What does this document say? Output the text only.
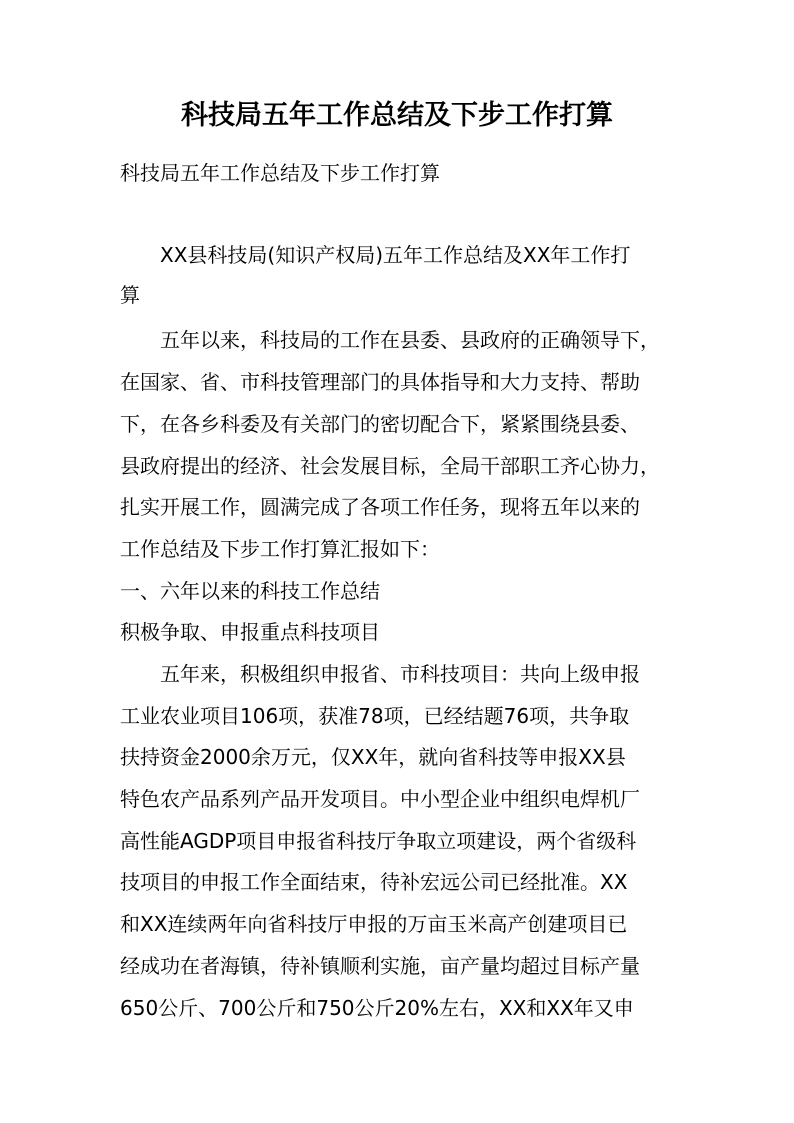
科技局五年工作总结及下步工作打算
科技局五年工作总结及下步工作打算
XX县科技局(知识产权局)五年工作总结及XX年工作打
算
五年以来，科技局的工作在县委、县政府的正确领导下，
在国家、省、市科技管理部门的具体指导和大力支持、帮助
下，在各乡科委及有关部门的密切配合下，紧紧围绕县委、
县政府提出的经济、社会发展目标，全局干部职工齐心协力，
扎实开展工作，圆满完成了各项工作任务，现将五年以来的
工作总结及下步工作打算汇报如下：
一、六年以来的科技工作总结
积极争取、申报重点科技项目
五年来，积极组织申报省、市科技项目：共向上级申报
工业农业项目106项，获准78项，已经结题76项，共争取
扶持资金2000余万元，仅XX年，就向省科技等申报XX县
特色农产品系列产品开发项目。中小型企业中组织电焊机厂
高性能AGDP项目申报省科技厅争取立项建设，两个省级科
技项目的申报工作全面结束，待补宏远公司已经批准。XX
和XX连续两年向省科技厅申报的万亩玉米高产创建项目已
经成功在者海镇，待补镇顺利实施，亩产量均超过目标产量
650公斤、700公斤和750公斤20%左右，XX和XX年又申
